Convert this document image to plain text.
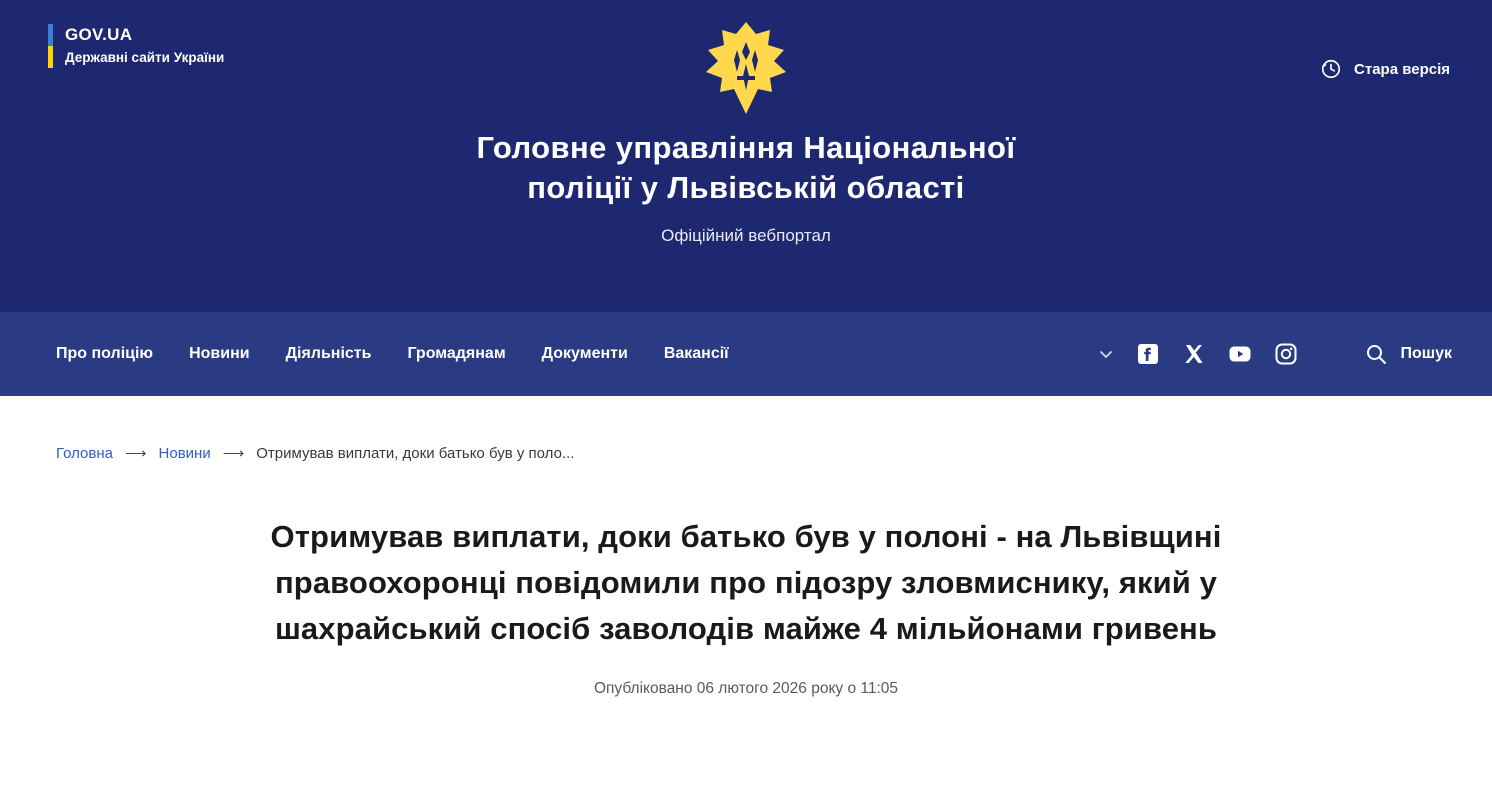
GOV.UA
Державні сайти України
Стара версія
Головне управління Національної
поліції у Львівській області
Офіційний вебпортал
Про поліцію Новини Діяльність Громадянам Документи Вакансії	Пошук
Головна ⟶ Новини ⟶ Отримував виплати, доки батько був у поло...
Отримував виплати, доки батько був у полоні - на Львівщині правоохоронці повідомили про підозру зловмиснику, який у шахрайський спосіб заволодів майже 4 мільйонами гривень
Опубліковано 06 лютого 2026 року о 11:05
